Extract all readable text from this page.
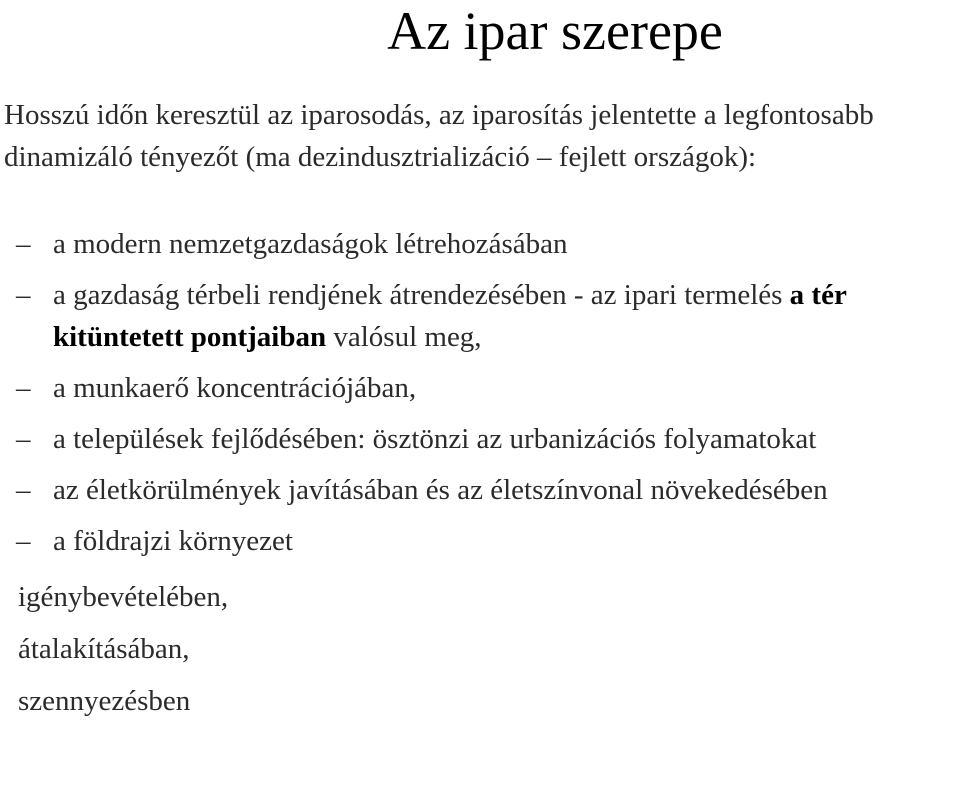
Az ipar szerepe

Hosszú időn keresztül az iparosodás, az iparosítás jelentette a legfontosabb dinamizáló tényezőt (ma dezindusztrializáció – fejlett országok):

– a modern nemzetgazdaságok létrehozásában
– a gazdaság térbeli rendjének átrendezésében - az ipari termelés a tér kitüntetett pontjaiban valósul meg,
– a munkaerő koncentrációjában,
– a települések fejlődésében: ösztönzi az urbanizációs folyamatokat
– az életkörülmények javításában és az életszínvonal növekedésében
– a földrajzi környezet
igénybevételében,
átalakításában,
szennyezésben
